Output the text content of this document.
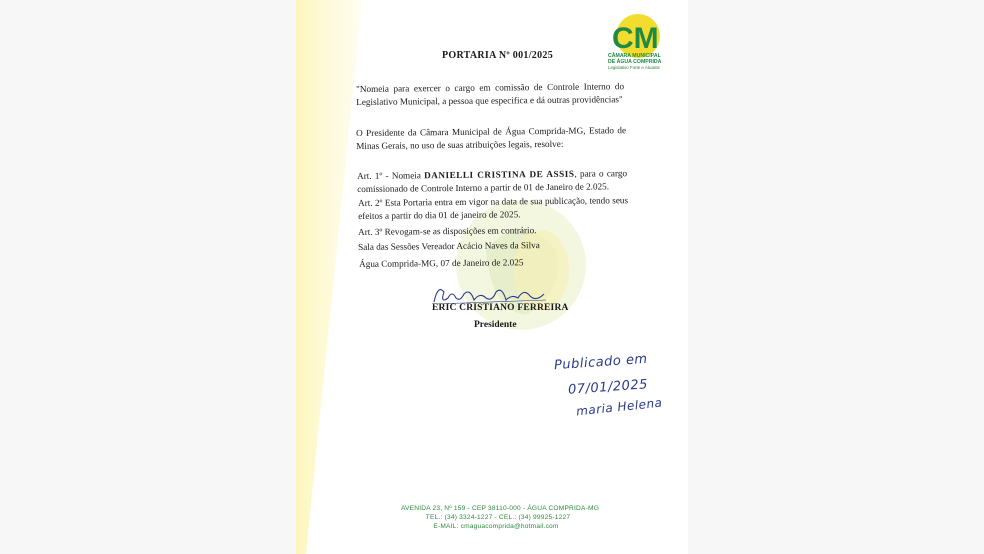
PORTARIA Nº 001/2025
"Nomeia para exercer o cargo em comissão de Controle Interno do Legislativo Municipal, a pessoa que especifica e dá outras providências"
O Presidente da Câmara Municipal de Água Comprida-MG, Estado de Minas Gerais, no uso de suas atribuições legais, resolve:
Art. 1º - Nomeia DANIELLI CRISTINA DE ASSIS, para o cargo comissionado de Controle Interno a partir de 01 de Janeiro de 2.025.
Art. 2º Esta Portaria entra em vigor na data de sua publicação, tendo seus efeitos a partir do dia 01 de janeiro de 2025.
Art. 3º Revogam-se as disposições em contrário.
Sala das Sessões Vereador Acácio Naves da Silva
Água Comprida-MG, 07 de Janeiro de 2.025
CM
CÂMARA MUNICIPAL
DE ÁGUA COMPRIDA
Legislativo Forte e Atuante
ERIC CRISTIANO FERREIRA
Presidente
Publicado em
07/01/2025
maria Helena
AVENIDA 23, Nº 159 - CEP 38110-000 - ÁGUA COMPRIDA-MG
TEL.: (34) 3324-1227 - CEL.: (34) 99925-1227
E-MAIL: cmaguacomprida@hotmail.com
